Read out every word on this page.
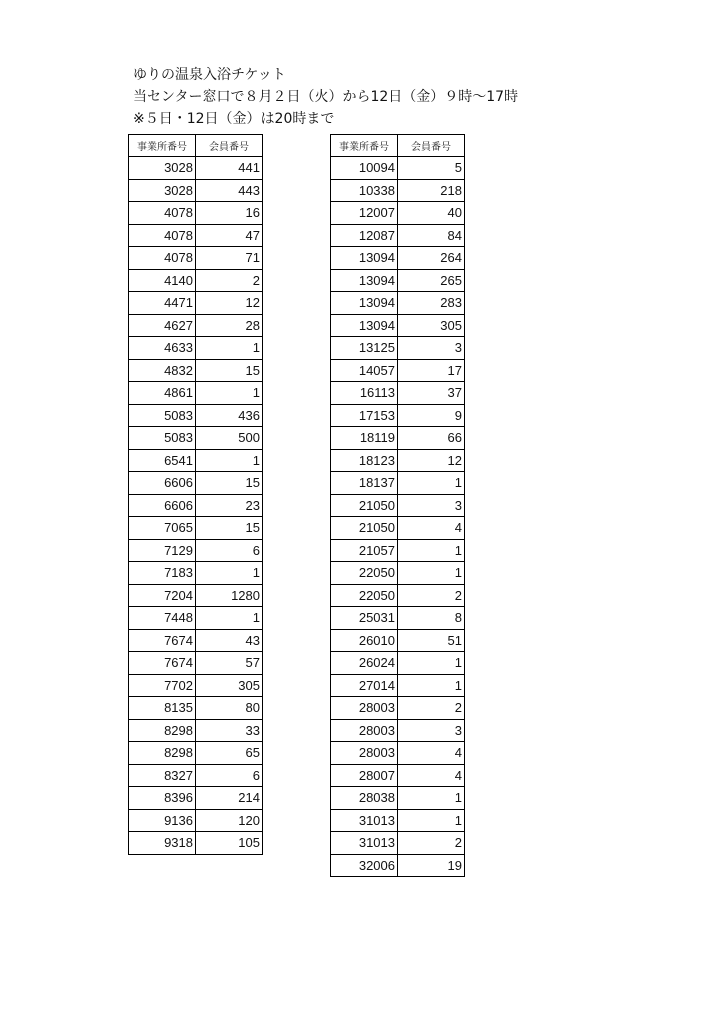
ゆりの温泉入浴チケット
当センター窓口で８月２日（火）から12日（金）９時～17時
※５日・12日（金）は20時まで
事業所番号	会員番号
3028	441
3028	443
4078	16
4078	47
4078	71
4140	2
4471	12
4627	28
4633	1
4832	15
4861	1
5083	436
5083	500
6541	1
6606	15
6606	23
7065	15
7129	6
7183	1
7204	1280
7448	1
7674	43
7674	57
7702	305
8135	80
8298	33
8298	65
8327	6
8396	214
9136	120
9318	105
事業所番号	会員番号
10094	5
10338	218
12007	40
12087	84
13094	264
13094	265
13094	283
13094	305
13125	3
14057	17
16113	37
17153	9
18119	66
18123	12
18137	1
21050	3
21050	4
21057	1
22050	1
22050	2
25031	8
26010	51
26024	1
27014	1
28003	2
28003	3
28003	4
28007	4
28038	1
31013	1
31013	2
32006	19
